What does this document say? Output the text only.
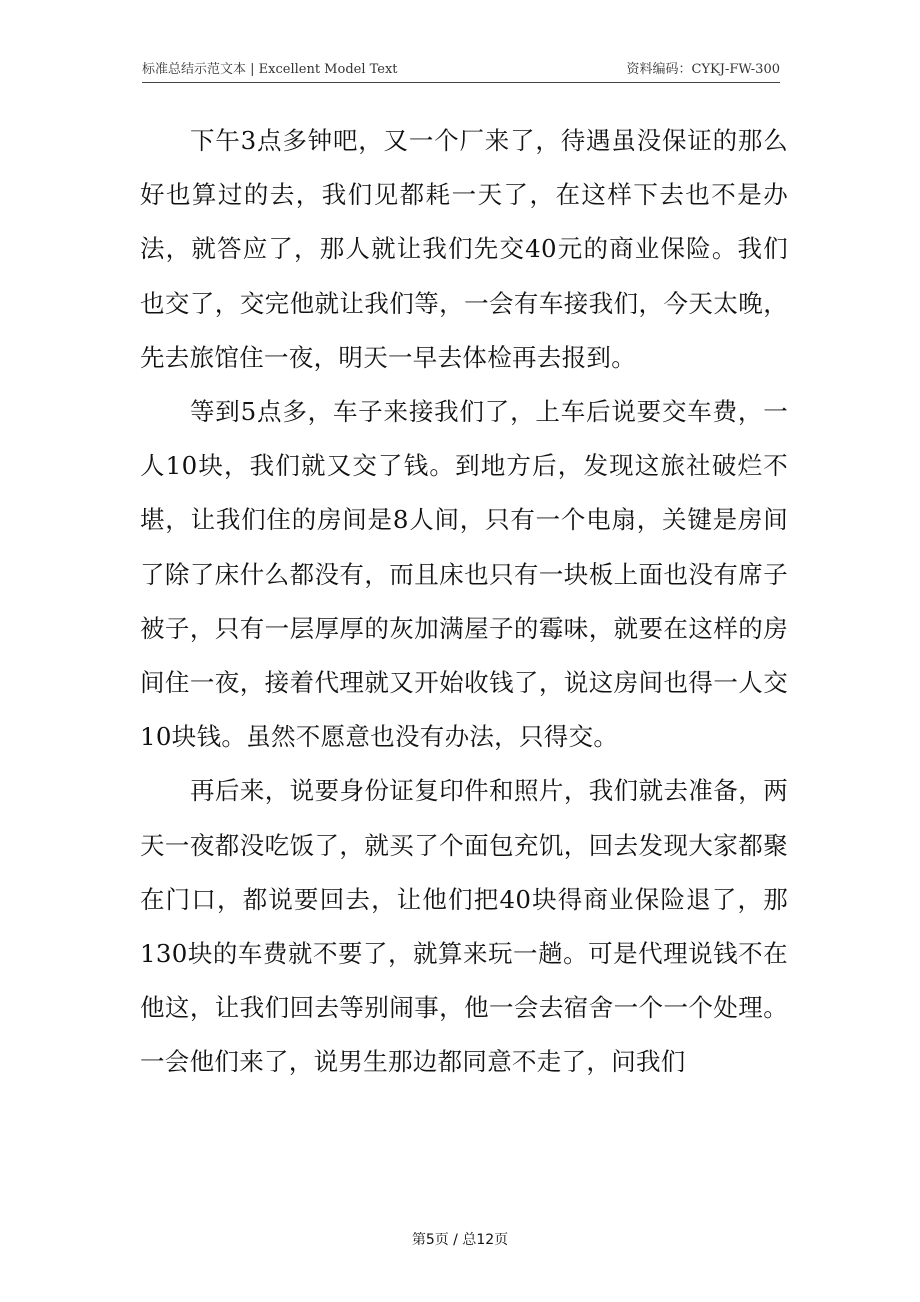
标准总结示范文本 | Excellent Model Text	资料编码：CYKJ-FW-300

下午3点多钟吧，又一个厂来了，待遇虽没保证的那么好也算过的去，我们见都耗一天了，在这样下去也不是办法，就答应了，那人就让我们先交40元的商业保险。我们也交了，交完他就让我们等，一会有车接我们，今天太晚，先去旅馆住一夜，明天一早去体检再去报到。

等到5点多，车子来接我们了，上车后说要交车费，一人10块，我们就又交了钱。到地方后，发现这旅社破烂不堪，让我们住的房间是8人间，只有一个电扇，关键是房间了除了床什么都没有，而且床也只有一块板上面也没有席子被子，只有一层厚厚的灰加满屋子的霉味，就要在这样的房间住一夜，接着代理就又开始收钱了，说这房间也得一人交10块钱。虽然不愿意也没有办法，只得交。

再后来，说要身份证复印件和照片，我们就去准备，两天一夜都没吃饭了，就买了个面包充饥，回去发现大家都聚在门口，都说要回去，让他们把40块得商业保险退了，那130块的车费就不要了，就算来玩一趟。可是代理说钱不在他这，让我们回去等别闹事，他一会去宿舍一个一个处理。一会他们来了，说男生那边都同意不走了，问我们

第5页 / 总12页
